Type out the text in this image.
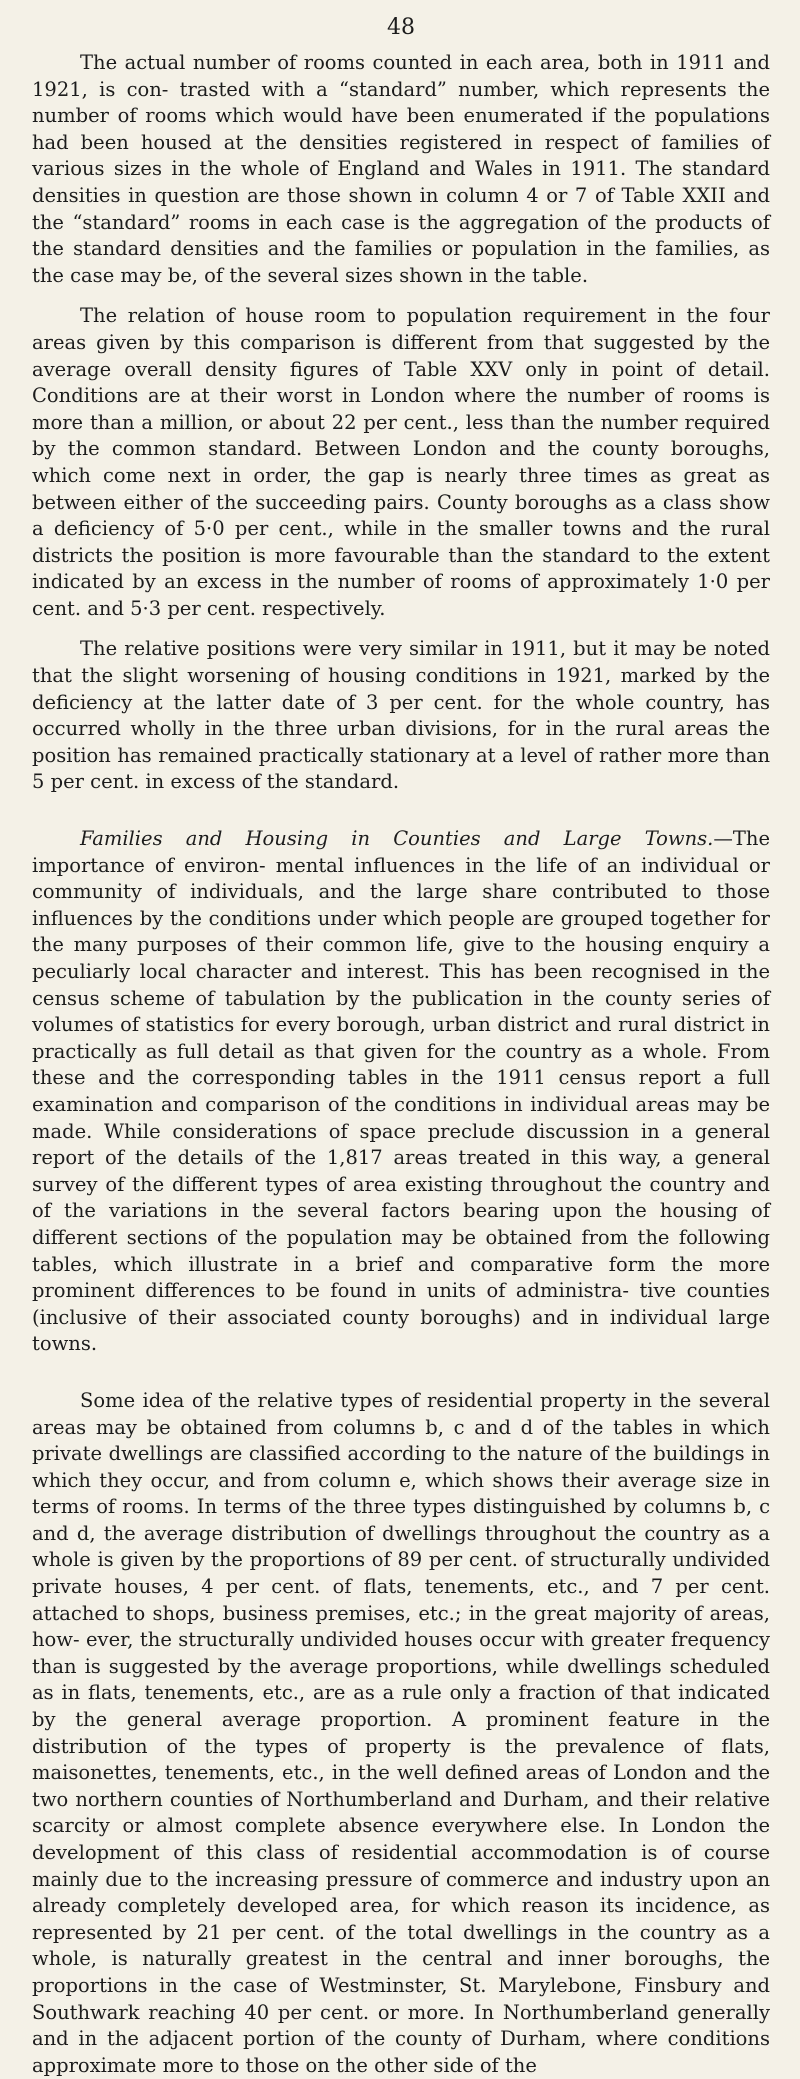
48

The actual number of rooms counted in each area, both in 1911 and 1921, is con- trasted with a “standard” number, which represents the number of rooms which would have been enumerated if the populations had been housed at the densities registered in respect of families of various sizes in the whole of England and Wales in 1911. The standard densities in question are those shown in column 4 or 7 of Table XXII and the “standard” rooms in each case is the aggregation of the products of the standard densities and the families or population in the families, as the case may be, of the several sizes shown in the table.

The relation of house room to population requirement in the four areas given by this comparison is different from that suggested by the average overall density figures of Table XXV only in point of detail. Conditions are at their worst in London where the number of rooms is more than a million, or about 22 per cent., less than the number required by the common standard. Between London and the county boroughs, which come next in order, the gap is nearly three times as great as between either of the succeeding pairs. County boroughs as a class show a deficiency of 5·0 per cent., while in the smaller towns and the rural districts the position is more favourable than the standard to the extent indicated by an excess in the number of rooms of approximately 1·0 per cent. and 5·3 per cent. respectively.

The relative positions were very similar in 1911, but it may be noted that the slight worsening of housing conditions in 1921, marked by the deficiency at the latter date of 3 per cent. for the whole country, has occurred wholly in the three urban divisions, for in the rural areas the position has remained practically stationary at a level of rather more than 5 per cent. in excess of the standard.

Families and Housing in Counties and Large Towns.—The importance of environ- mental influences in the life of an individual or community of individuals, and the large share contributed to those influences by the conditions under which people are grouped together for the many purposes of their common life, give to the housing enquiry a peculiarly local character and interest. This has been recognised in the census scheme of tabulation by the publication in the county series of volumes of statistics for every borough, urban district and rural district in practically as full detail as that given for the country as a whole. From these and the corresponding tables in the 1911 census report a full examination and comparison of the conditions in individual areas may be made. While considerations of space preclude discussion in a general report of the details of the 1,817 areas treated in this way, a general survey of the different types of area existing throughout the country and of the variations in the several factors bearing upon the housing of different sections of the population may be obtained from the following tables, which illustrate in a brief and comparative form the more prominent differences to be found in units of administra- tive counties (inclusive of their associated county boroughs) and in individual large towns.

Some idea of the relative types of residential property in the several areas may be obtained from columns b, c and d of the tables in which private dwellings are classified according to the nature of the buildings in which they occur, and from column e, which shows their average size in terms of rooms. In terms of the three types distinguished by columns b, c and d, the average distribution of dwellings throughout the country as a whole is given by the proportions of 89 per cent. of structurally undivided private houses, 4 per cent. of flats, tenements, etc., and 7 per cent. attached to shops, business premises, etc.; in the great majority of areas, how- ever, the structurally undivided houses occur with greater frequency than is suggested by the average proportions, while dwellings scheduled as in flats, tenements, etc., are as a rule only a fraction of that indicated by the general average proportion. A prominent feature in the distribution of the types of property is the prevalence of flats, maisonettes, tenements, etc., in the well defined areas of London and the two northern counties of Northumberland and Durham, and their relative scarcity or almost complete absence everywhere else. In London the development of this class of residential accommodation is of course mainly due to the increasing pressure of commerce and industry upon an already completely developed area, for which reason its incidence, as represented by 21 per cent. of the total dwellings in the country as a whole, is naturally greatest in the central and inner boroughs, the proportions in the case of Westminster, St. Marylebone, Finsbury and Southwark reaching 40 per cent. or more. In Northumberland generally and in the adjacent portion of the county of Durham, where conditions approximate more to those on the other side of the
